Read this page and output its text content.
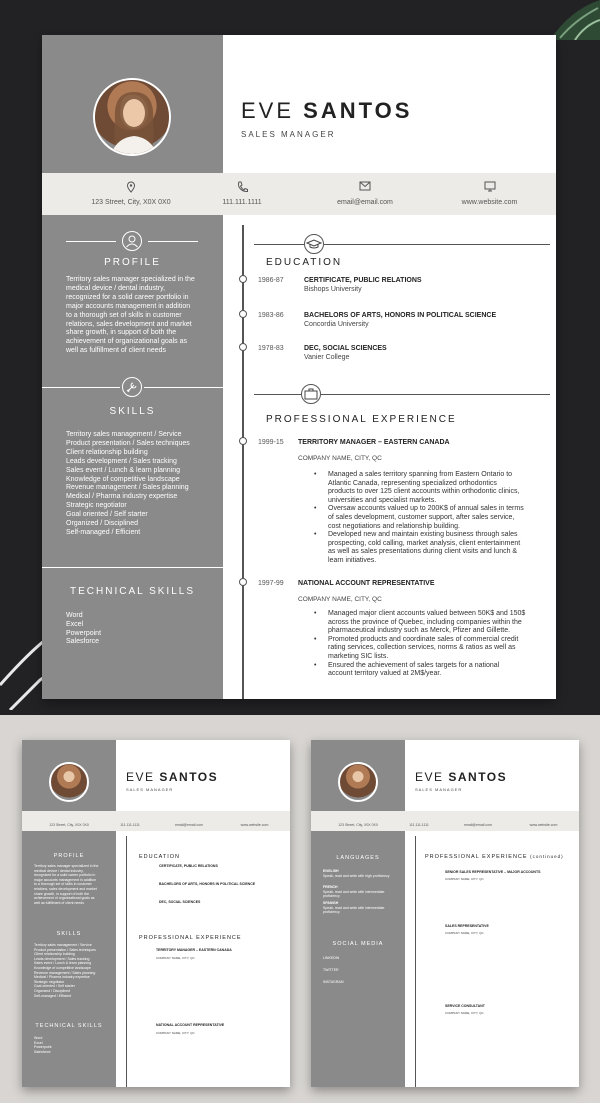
EVE SANTOS
SALES MANAGER
123 Street, City, X0X 0X0	111.111.1111	email@email.com	www.website.com
PROFILE
Territory sales manager specialized in the
medical device / dental industry,
recognized for a solid career portfolio in
major accounts management in addition
to a thorough set of skills in customer
relations, sales development and market
share growth, in support of both the
achievement of organizational goals as
well as fulfillment of client needs
SKILLS
Territory sales management / Service
Product presentation / Sales techniques
Client relationship building
Leads development / Sales tracking
Sales event / Lunch & learn planning
Knowledge of competitive landscape
Revenue management / Sales planning
Medical / Pharma industry expertise
Strategic negotiator
Goal oriented / Self starter
Organized / Disciplined
Self-managed / Efficient
TECHNICAL SKILLS
Word
Excel
Powerpoint
Salesforce
EDUCATION
1986-87	CERTIFICATE, PUBLIC RELATIONS
Bishops University
1983-86	BACHELORS OF ARTS, HONORS IN POLITICAL SCIENCE
Concordia University
1978-83	DEC, SOCIAL SCIENCES
Vanier College
PROFESSIONAL EXPERIENCE
1999-15 TERRITORY MANAGER – EASTERN CANADA
COMPANY NAME, CITY, QC
• Managed a sales territory spanning from Eastern Ontario to
Atlantic Canada, representing specialized orthodontics
products to over 125 client accounts within orthodontic clinics,
universities and specialist markets.
• Oversaw accounts valued up to 200K$ of annual sales in terms
of sales development, customer support, after sales service,
cost negotiations and relationship building.
• Developed new and maintain existing business through sales
prospecting, cold calling, market analysis, client entertainment
as well as sales presentations during client visits and lunch &
learn initiatives.
1997-99 NATIONAL ACCOUNT REPRESENTATIVE
COMPANY NAME, CITY, QC
• Managed major client accounts valued between 50K$ and 150$
across the province of Quebec, including companies within the
pharmaceutical industry such as Merck, Pfizer and Gillette.
• Promoted products and coordinate sales of commercial credit
rating services, collection services, norms & ratios as well as
marketing SIC lists.
• Ensured the achievement of sales targets for a national
account territory valued at 2M$/year.
EVE SANTOS
SALES MANAGER
123 Street, City, X0X 0X0	111.111.1111	email@email.com	www.website.com
PROFILE
Territory sales manager specialized in the
medical device / dental industry,
recognized for a solid career portfolio in
major accounts management in addition
to a thorough set of skills in customer
relations, sales development and market
share growth, in support of both the
achievement of organizational goals as
well as fulfillment of client needs
SKILLS
Territory sales management / Service
Product presentation / Sales techniques
Client relationship building
Leads development / Sales tracking
Sales event / Lunch & learn planning
Knowledge of competitive landscape
Revenue management / Sales planning
Medical / Pharma industry expertise
Strategic negotiator
Goal oriented / Self starter
Organized / Disciplined
Self-managed / Efficient
TECHNICAL SKILLS
Word
Excel
Powerpoint
Salesforce
EDUCATION
CERTIFICATE, PUBLIC RELATIONS
BACHELORS OF ARTS, HONORS IN POLITICAL SCIENCE
DEC, SOCIAL SCIENCES
PROFESSIONAL EXPERIENCE
TERRITORY MANAGER – EASTERN CANADA
COMPANY NAME, CITY, QC
NATIONAL ACCOUNT REPRESENTATIVE
COMPANY NAME, CITY, QC
EVE SANTOS
SALES MANAGER
123 Street, City, X0X 0X0	111.111.1111	email@email.com	www.website.com
LANGUAGES
ENGLISH
Speak, read and write with high proficiency
FRENCH
Speak, read and write with intermediate proficiency
SPANISH
Speak, read and write with intermediate proficiency
SOCIAL MEDIA
LINKEDIN
TWITTER
INSTAGRAM
PROFESSIONAL EXPERIENCE (continued)
SENIOR SALES REPRESENTATIVE – MAJOR ACCOUNTS
COMPANY NAME, CITY, QC
SALES REPRESENTATIVE
COMPANY NAME, CITY, QC
SERVICE CONSULTANT
COMPANY NAME, CITY, QC
